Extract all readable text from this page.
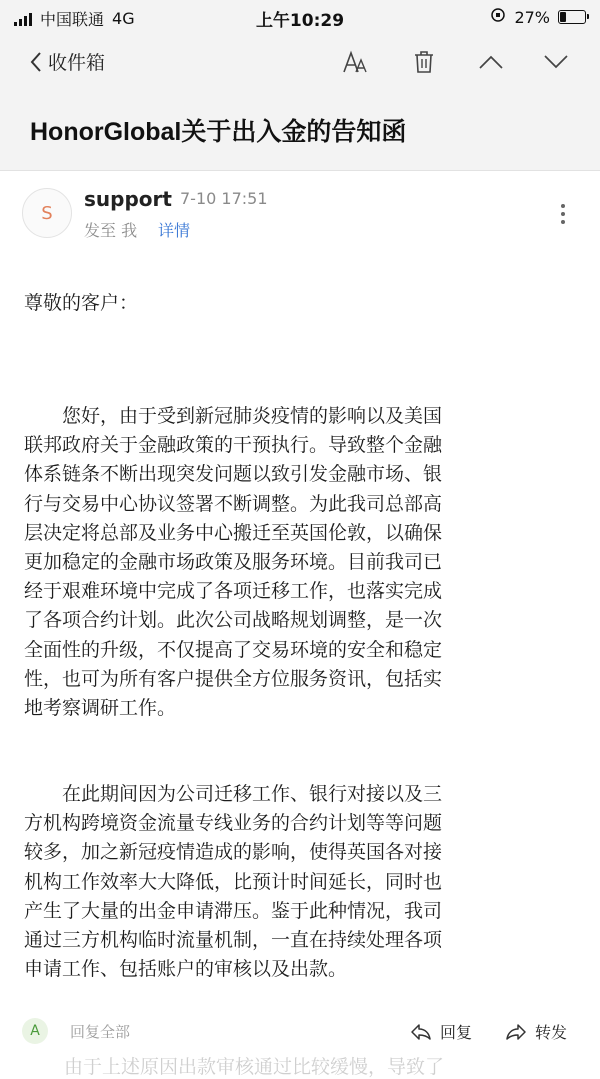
中国联通 4G	上午10:29	27%
收件箱
HonorGlobal关于出入金的告知函
S
support 7-10 17:51
发至 我 详情
尊敬的客户：
您好，由于受到新冠肺炎疫情的影响以及美国
联邦政府关于金融政策的干预执行。导致整个金融
体系链条不断出现突发问题以致引发金融市场、银
行与交易中心协议签署不断调整。为此我司总部高
层决定将总部及业务中心搬迁至英国伦敦，以确保
更加稳定的金融市场政策及服务环境。目前我司已
经于艰难环境中完成了各项迁移工作，也落实完成
了各项合约计划。此次公司战略规划调整，是一次
全面性的升级，不仅提高了交易环境的安全和稳定
性，也可为所有客户提供全方位服务资讯，包括实
地考察调研工作。
在此期间因为公司迁移工作、银行对接以及三
方机构跨境资金流量专线业务的合约计划等等问题
较多，加之新冠疫情造成的影响，使得英国各对接
机构工作效率大大降低，比预计时间延长，同时也
产生了大量的出金申请滞压。鉴于此种情况，我司
通过三方机构临时流量机制，一直在持续处理各项
申请工作、包括账户的审核以及出款。
由于上述原因出款审核通过比较缓慢，导致了
A	回复全部	回复	转发
